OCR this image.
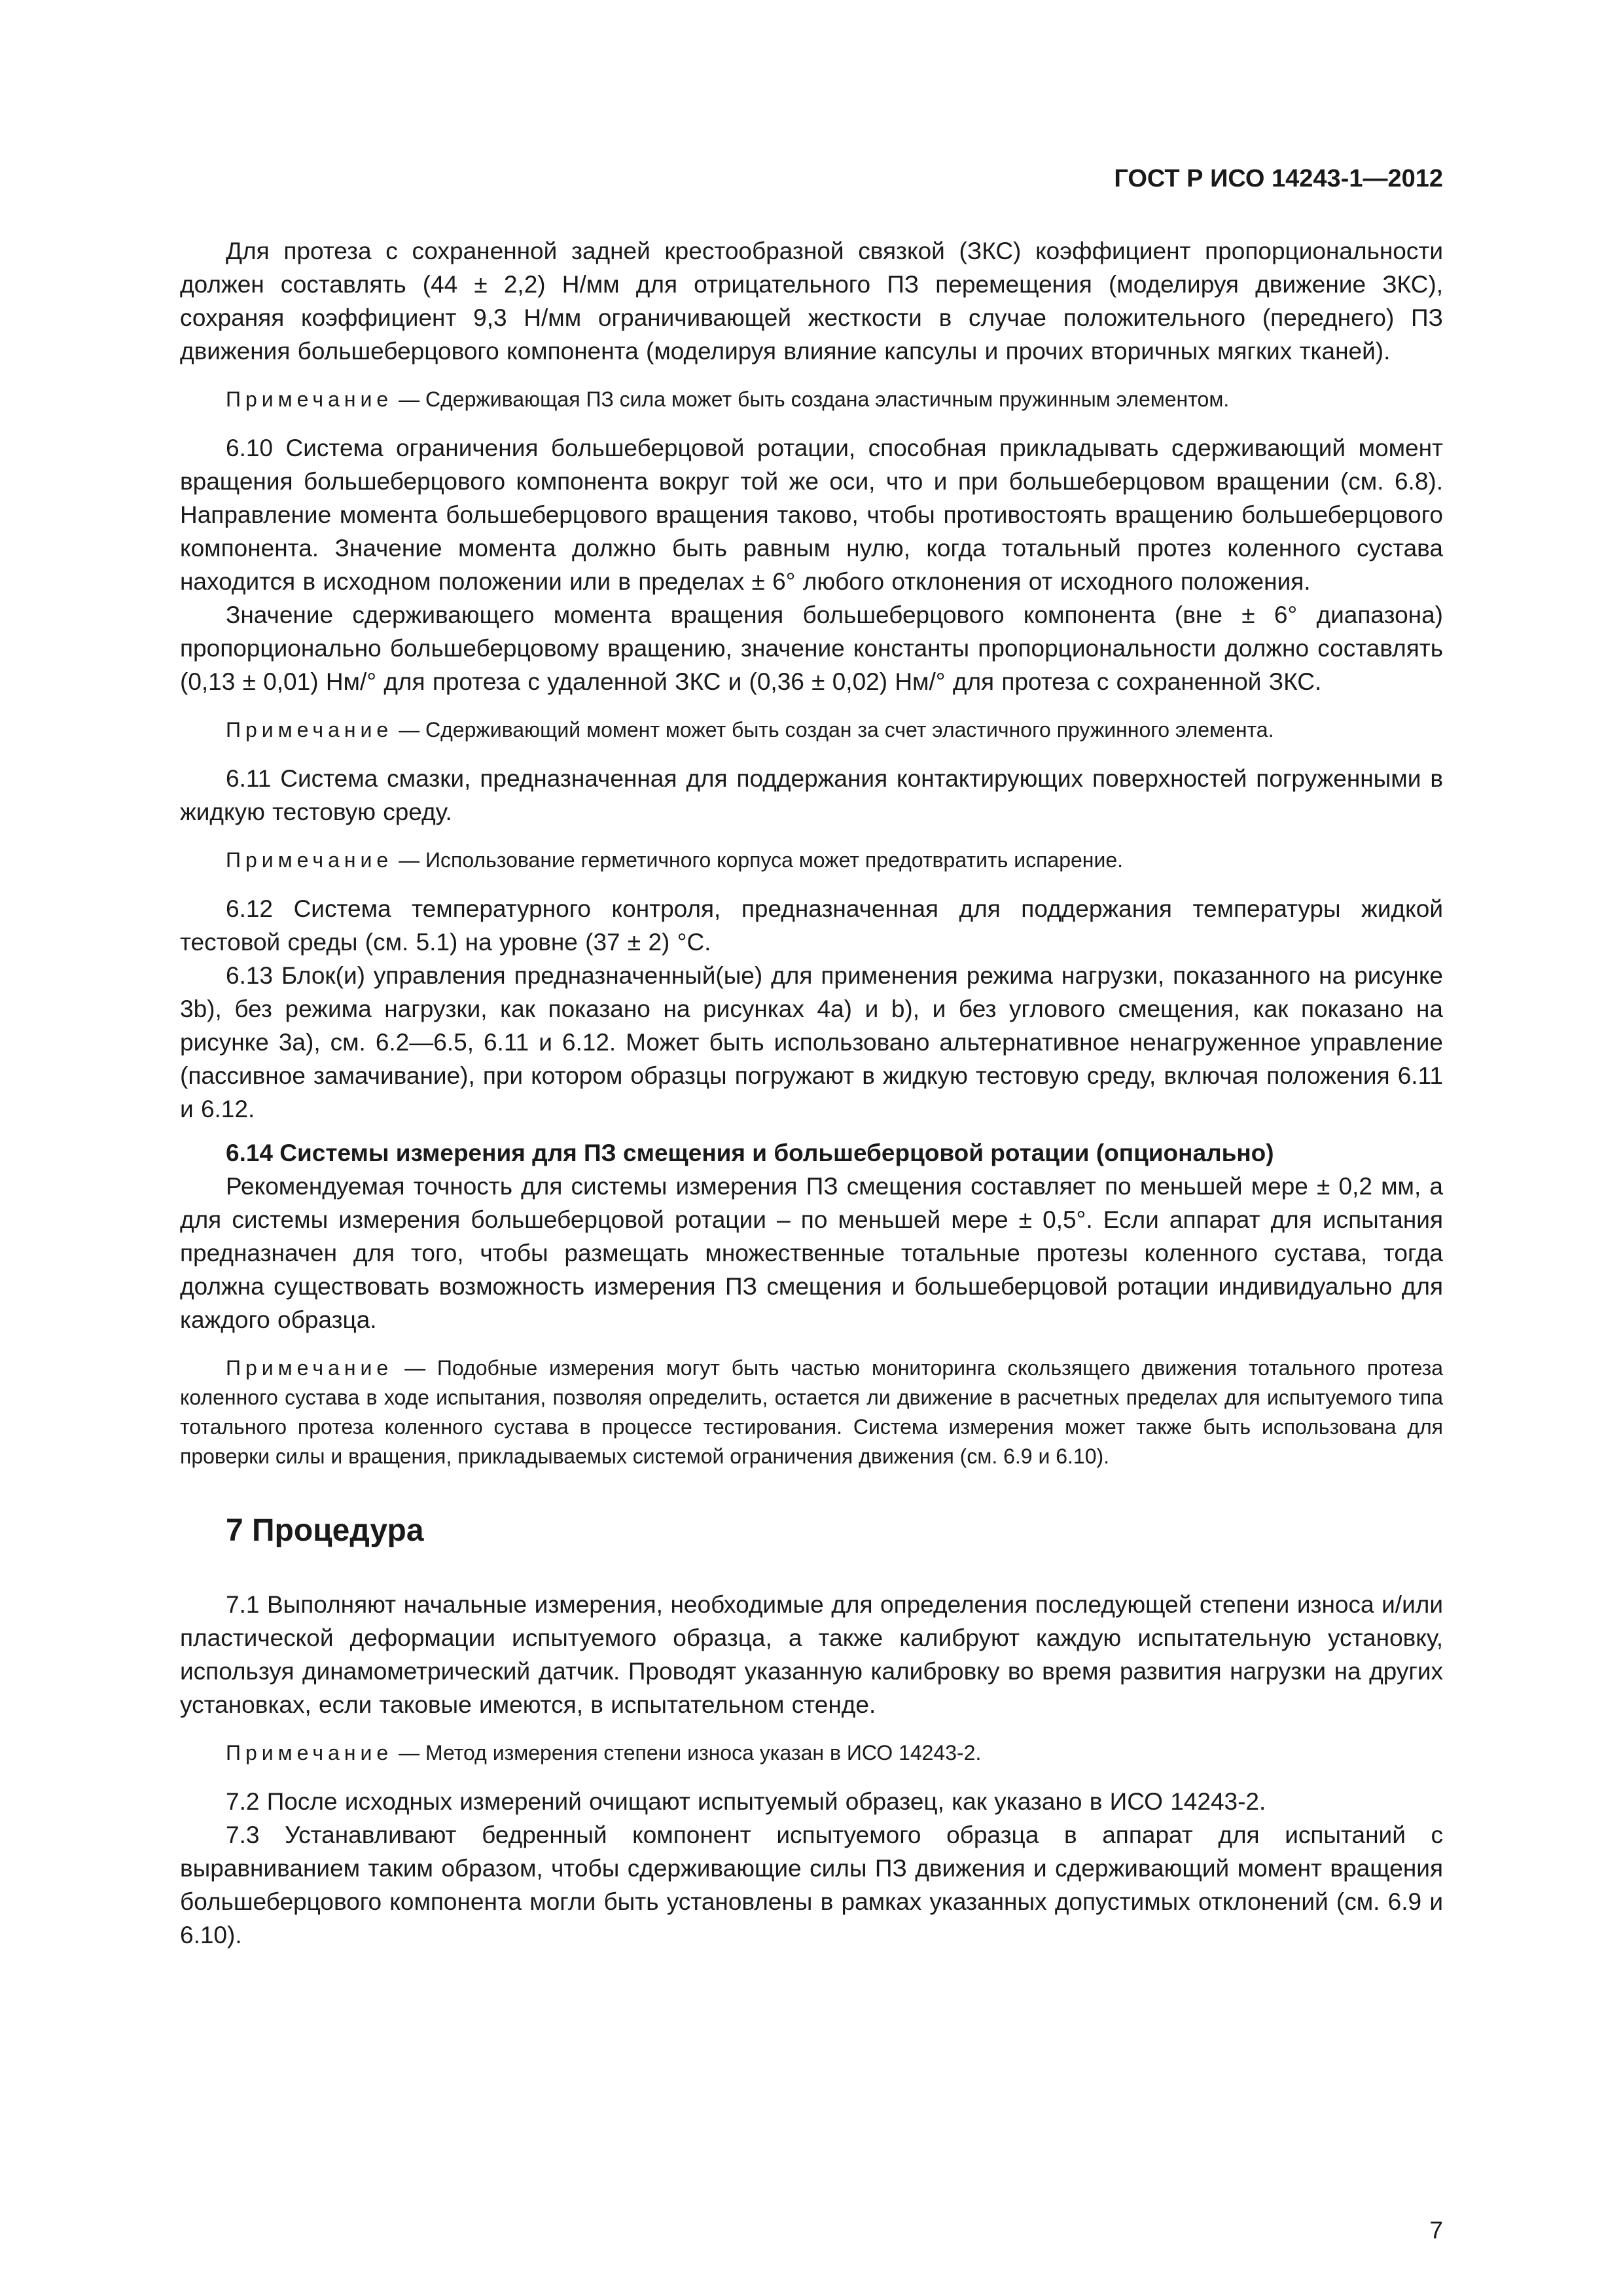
ГОСТ Р ИСО 14243-1—2012

Для протеза с сохраненной задней крестообразной связкой (ЗКС) коэффициент пропорциональности должен составлять (44 ± 2,2) Н/мм для отрицательного ПЗ перемещения (моделируя движение ЗКС), сохраняя коэффициент 9,3 Н/мм ограничивающей жесткости в случае положительного (переднего) ПЗ движения большеберцового компонента (моделируя влияние капсулы и прочих вторичных мягких тканей).

Примечание — Сдерживающая ПЗ сила может быть создана эластичным пружинным элементом.

6.10 Система ограничения большеберцовой ротации, способная прикладывать сдерживающий момент вращения большеберцового компонента вокруг той же оси, что и при большеберцовом вращении (см. 6.8). Направление момента большеберцового вращения таково, чтобы противостоять вращению большеберцового компонента. Значение момента должно быть равным нулю, когда тотальный протез коленного сустава находится в исходном положении или в пределах ± 6° любого отклонения от исходного положения.

Значение сдерживающего момента вращения большеберцового компонента (вне ± 6° диапазона) пропорционально большеберцовому вращению, значение константы пропорциональности должно составлять (0,13 ± 0,01) Нм/° для протеза с удаленной ЗКС и (0,36 ± 0,02) Нм/° для протеза с сохраненной ЗКС.

Примечание — Сдерживающий момент может быть создан за счет эластичного пружинного элемента.

6.11 Система смазки, предназначенная для поддержания контактирующих поверхностей погруженными в жидкую тестовую среду.

Примечание — Использование герметичного корпуса может предотвратить испарение.

6.12 Система температурного контроля, предназначенная для поддержания температуры жидкой тестовой среды (см. 5.1) на уровне (37 ± 2) °С.

6.13 Блок(и) управления предназначенный(ые) для применения режима нагрузки, показанного на рисунке 3b), без режима нагрузки, как показано на рисунках 4а) и b), и без углового смещения, как показано на рисунке 3а), см. 6.2—6.5, 6.11 и 6.12. Может быть использовано альтернативное ненагруженное управление (пассивное замачивание), при котором образцы погружают в жидкую тестовую среду, включая положения 6.11 и 6.12.

6.14 Системы измерения для ПЗ смещения и большеберцовой ротации (опционально)

Рекомендуемая точность для системы измерения ПЗ смещения составляет по меньшей мере ± 0,2 мм, а для системы измерения большеберцовой ротации – по меньшей мере ± 0,5°. Если аппарат для испытания предназначен для того, чтобы размещать множественные тотальные протезы коленного сустава, тогда должна существовать возможность измерения ПЗ смещения и большеберцовой ротации индивидуально для каждого образца.

Примечание — Подобные измерения могут быть частью мониторинга скользящего движения тотального протеза коленного сустава в ходе испытания, позволяя определить, остается ли движение в расчетных пределах для испытуемого типа тотального протеза коленного сустава в процессе тестирования. Система измерения может также быть использована для проверки силы и вращения, прикладываемых системой ограничения движения (см. 6.9 и 6.10).
7 Процедура

7.1 Выполняют начальные измерения, необходимые для определения последующей степени износа и/или пластической деформации испытуемого образца, а также калибруют каждую испытательную установку, используя динамометрический датчик. Проводят указанную калибровку во время развития нагрузки на других установках, если таковые имеются, в испытательном стенде.

Примечание — Метод измерения степени износа указан в ИСО 14243-2.

7.2 После исходных измерений очищают испытуемый образец, как указано в ИСО 14243-2.

7.3 Устанавливают бедренный компонент испытуемого образца в аппарат для испытаний с выравниванием таким образом, чтобы сдерживающие силы ПЗ движения и сдерживающий момент вращения большеберцового компонента могли быть установлены в рамках указанных допустимых отклонений (см. 6.9 и 6.10).

7
